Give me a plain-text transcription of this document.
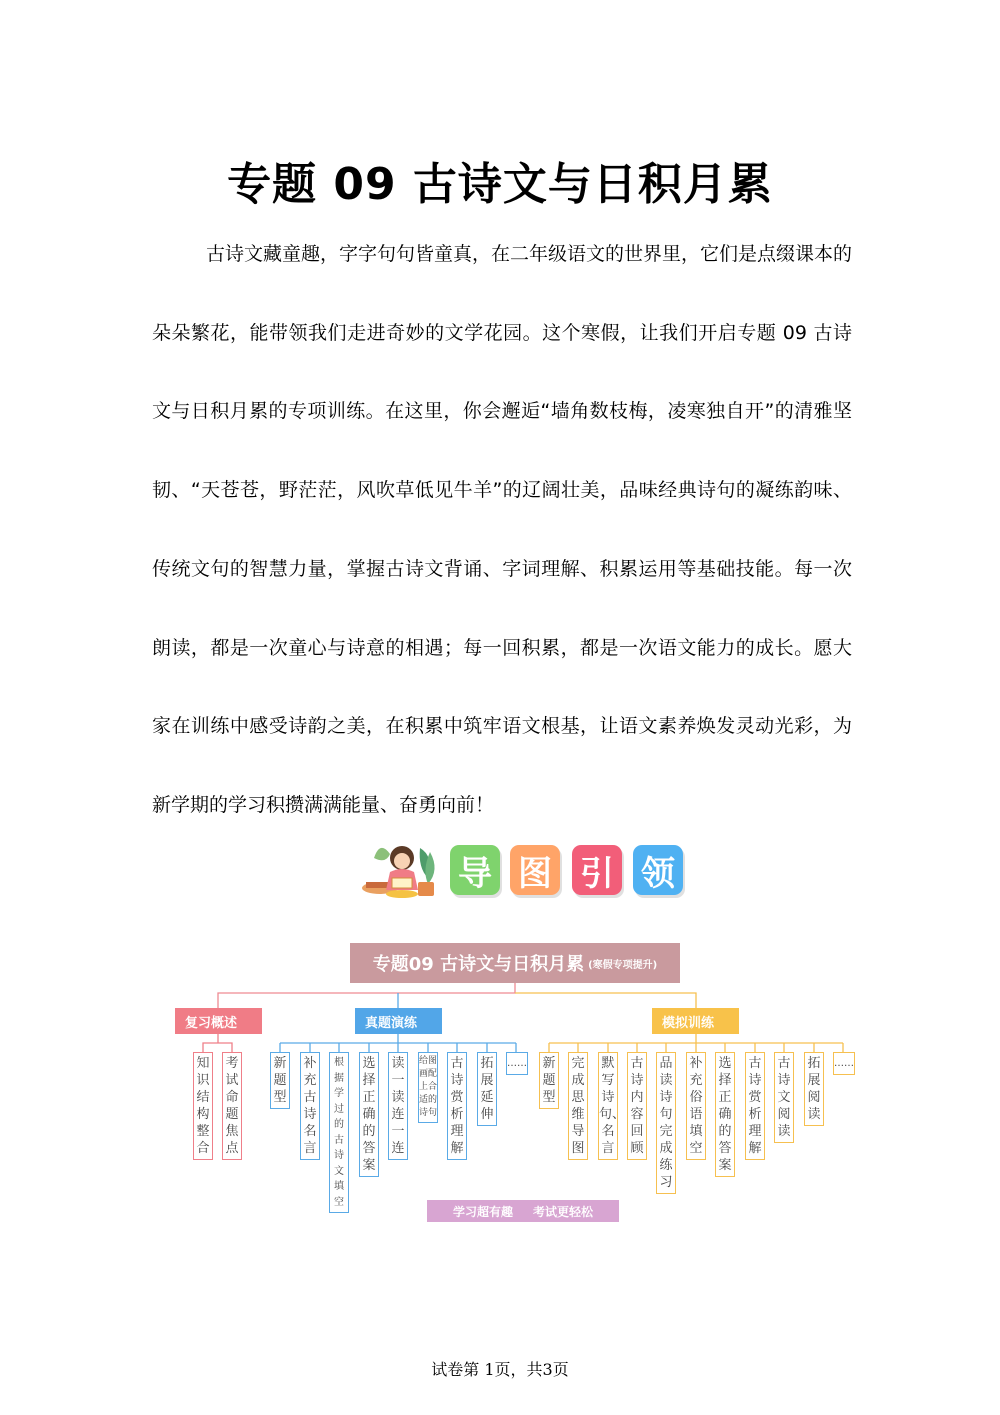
专题 09 古诗文与日积月累
古诗文藏童趣，字字句句皆童真，在二年级语文的世界里，它们是点缀课本的朵朵繁花，能带领我们走进奇妙的文学花园。这个寒假，让我们开启专题 09 古诗文与日积月累的专项训练。在这里，你会邂逅“墙角数枝梅，凌寒独自开”的清雅坚韧、“天苍苍，野茫茫，风吹草低见牛羊”的辽阔壮美，品味经典诗句的凝练韵味、传统文句的智慧力量，掌握古诗文背诵、字词理解、积累运用等基础技能。每一次朗读，都是一次童心与诗意的相遇；每一回积累，都是一次语文能力的成长。愿大家在训练中感受诗韵之美，在积累中筑牢语文根基，让语文素养焕发灵动光彩，为新学期的学习积攒满满能量、奋勇向前！
导 图 引 领
专题09 古诗文与日积月累 (寒假专项提升)
复习概述	真题演练	模拟训练
知识结构整合
考试命题焦点
新题型
补充古诗名言
根据学过的古诗文填空
选择正确的答案
读一读连一连
给图画配上合适的诗句
古诗赏析理解
拓展延伸
…… 新题型
完成思维导图
默写诗句、名言
古诗内容回顾
品读诗句完成练习
补充俗语填空
选择正确的答案
古诗赏析理解
古诗文阅读
拓展阅读
……
学习超有趣 考试更轻松
试卷第 1页，共3页
